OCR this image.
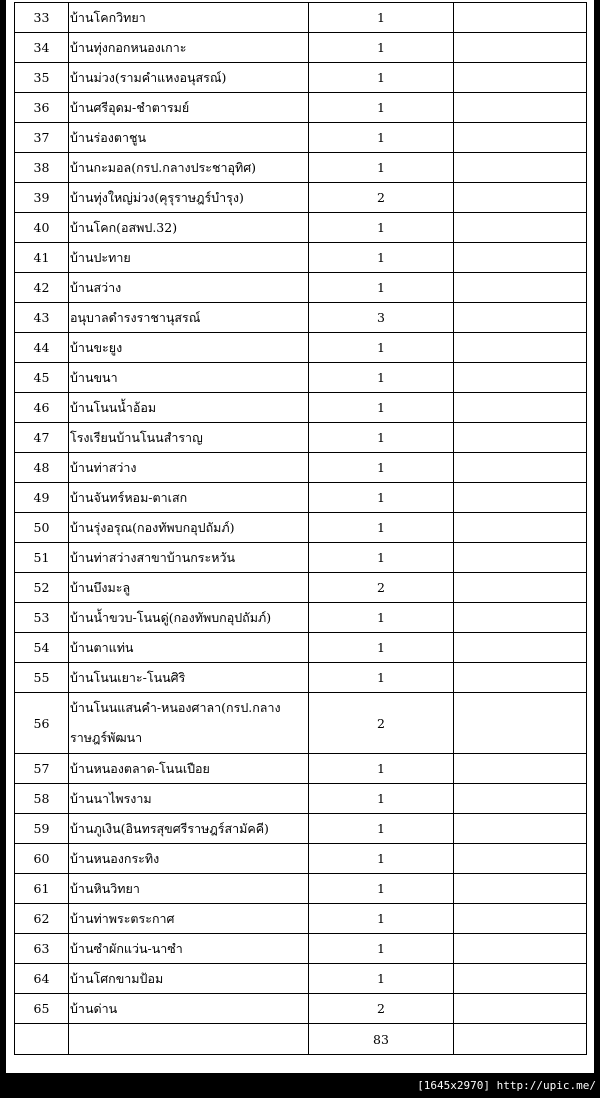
[1645x2970] http://upic.me/
33	บ้านโคกวิทยา	1	
34	บ้านทุ่งกอกหนองเกาะ	1	
35	บ้านม่วง(รามคำแหงอนุสรณ์)	1	
36	บ้านศรีอุดม-ชำตารมย์	1	
37	บ้านร่องตาชูน	1	
38	บ้านกะมอล(กรป.กลางประชาอุทิศ)	1	
39	บ้านทุ่งใหญ่ม่วง(คุรุราษฎร์บำรุง)	2	
40	บ้านโคก(อสพป.32)	1	
41	บ้านปะทาย	1	
42	บ้านสว่าง	1	
43	อนุบาลดำรงราชานุสรณ์	3	
44	บ้านขะยูง	1	
45	บ้านขนา	1	
46	บ้านโนนน้ำอ้อม	1	
47	โรงเรียนบ้านโนนสำราญ	1	
48	บ้านท่าสว่าง	1	
49	บ้านจันทร์หอม-ตาเสก	1	
50	บ้านรุ่งอรุณ(กองทัพบกอุปถัมภ์)	1	
51	บ้านท่าสว่างสาขาบ้านกระหวัน	1	
52	บ้านบึงมะลู	2	
53	บ้านน้ำขวบ-โนนดู่(กองทัพบกอุปถัมภ์)	1	
54	บ้านตาแท่น	1	
55	บ้านโนนเยาะ-โนนศิริ	1	
56	บ้านโนนแสนคำ-หนองศาลา(กรป.กลางราษฎร์พัฒนา	2	
57	บ้านหนองตลาด-โนนเปือย	1	
58	บ้านนาไพรงาม	1	
59	บ้านภูเงิน(อินทรสุขศรีราษฎร์สามัคคี)	1	
60	บ้านหนองกระทิง	1	
61	บ้านหินวิทยา	1	
62	บ้านท่าพระตระกาศ	1	
63	บ้านซำผักแว่น-นาซำ	1	
64	บ้านโศกขามป้อม	1	
65	บ้านด่าน	2	
		83	
